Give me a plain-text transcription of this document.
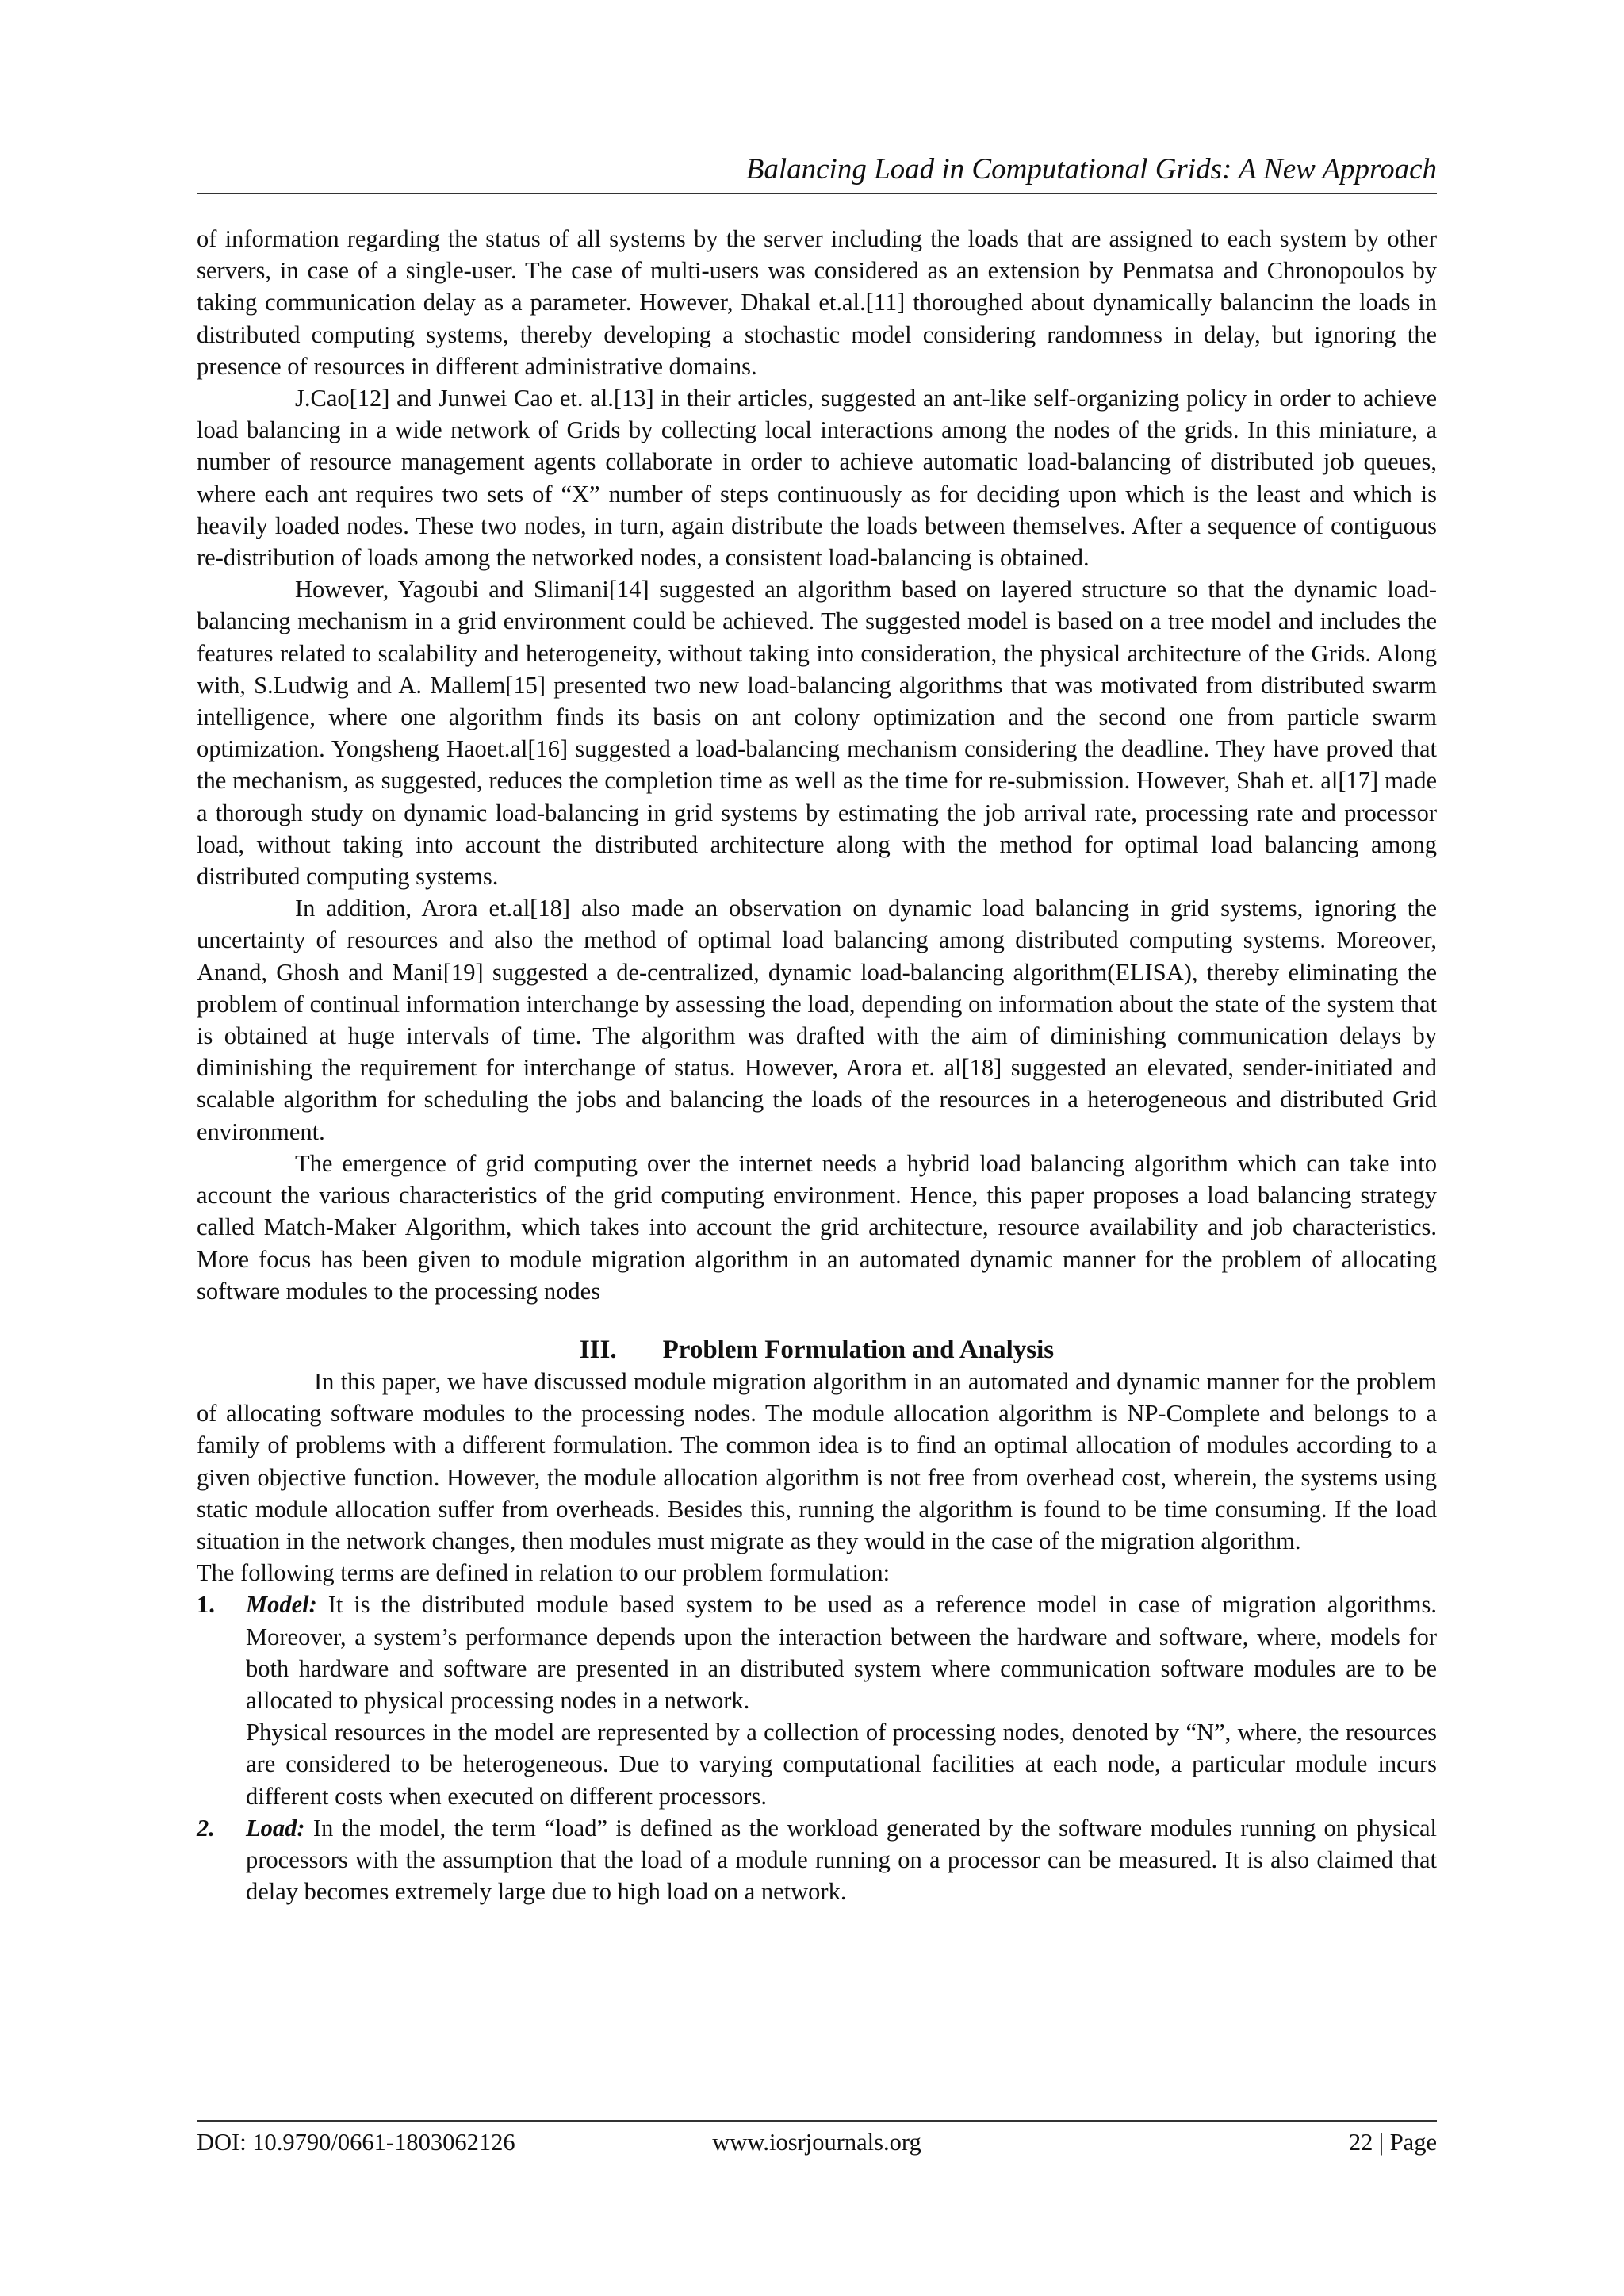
Balancing Load in Computational Grids: A New Approach

of information regarding the status of all systems by the server including the loads that are assigned to each system by other servers, in case of a single-user. The case of multi-users was considered as an extension by Penmatsa and Chronopoulos by taking communication delay as a parameter. However, Dhakal et.al.[11] thoroughed about dynamically balancinn the loads in distributed computing systems, thereby developing a stochastic model considering randomness in delay, but ignoring the presence of resources in different administrative domains.

J.Cao[12] and Junwei Cao et. al.[13] in their articles, suggested an ant-like self-organizing policy in order to achieve load balancing in a wide network of Grids by collecting local interactions among the nodes of the grids. In this miniature, a number of resource management agents collaborate in order to achieve automatic load-balancing of distributed job queues, where each ant requires two sets of “X” number of steps continuously as for deciding upon which is the least and which is heavily loaded nodes. These two nodes, in turn, again distribute the loads between themselves. After a sequence of contiguous re-distribution of loads among the networked nodes, a consistent load-balancing is obtained.

However, Yagoubi and Slimani[14] suggested an algorithm based on layered structure so that the dynamic load-balancing mechanism in a grid environment could be achieved. The suggested model is based on a tree model and includes the features related to scalability and heterogeneity, without taking into consideration, the physical architecture of the Grids. Along with, S.Ludwig and A. Mallem[15] presented two new load-balancing algorithms that was motivated from distributed swarm intelligence, where one algorithm finds its basis on ant colony optimization and the second one from particle swarm optimization. Yongsheng Haoet.al[16] suggested a load-balancing mechanism considering the deadline. They have proved that the mechanism, as suggested, reduces the completion time as well as the time for re-submission. However, Shah et. al[17] made a thorough study on dynamic load-balancing in grid systems by estimating the job arrival rate, processing rate and processor load, without taking into account the distributed architecture along with the method for optimal load balancing among distributed computing systems.

In addition, Arora et.al[18] also made an observation on dynamic load balancing in grid systems, ignoring the uncertainty of resources and also the method of optimal load balancing among distributed computing systems. Moreover, Anand, Ghosh and Mani[19] suggested a de-centralized, dynamic load-balancing algorithm(ELISA), thereby eliminating the problem of continual information interchange by assessing the load, depending on information about the state of the system that is obtained at huge intervals of time. The algorithm was drafted with the aim of diminishing communication delays by diminishing the requirement for interchange of status. However, Arora et. al[18] suggested an elevated, sender-initiated and scalable algorithm for scheduling the jobs and balancing the loads of the resources in a heterogeneous and distributed Grid environment.

The emergence of grid computing over the internet needs a hybrid load balancing algorithm which can take into account the various characteristics of the grid computing environment. Hence, this paper proposes a load balancing strategy called Match-Maker Algorithm, which takes into account the grid architecture, resource availability and job characteristics. More focus has been given to module migration algorithm in an automated dynamic manner for the problem of allocating software modules to the processing nodes

III. Problem Formulation and Analysis

In this paper, we have discussed module migration algorithm in an automated and dynamic manner for the problem of allocating software modules to the processing nodes. The module allocation algorithm is NP-Complete and belongs to a family of problems with a different formulation. The common idea is to find an optimal allocation of modules according to a given objective function. However, the module allocation algorithm is not free from overhead cost, wherein, the systems using static module allocation suffer from overheads. Besides this, running the algorithm is found to be time consuming. If the load situation in the network changes, then modules must migrate as they would in the case of the migration algorithm.

The following terms are defined in relation to our problem formulation:

1. Model: It is the distributed module based system to be used as a reference model in case of migration algorithms. Moreover, a system’s performance depends upon the interaction between the hardware and software, where, models for both hardware and software are presented in an distributed system where communication software modules are to be allocated to physical processing nodes in a network.

Physical resources in the model are represented by a collection of processing nodes, denoted by “N”, where, the resources are considered to be heterogeneous. Due to varying computational facilities at each node, a particular module incurs different costs when executed on different processors.

2. Load: In the model, the term “load” is defined as the workload generated by the software modules running on physical processors with the assumption that the load of a module running on a processor can be measured. It is also claimed that delay becomes extremely large due to high load on a network.
DOI: 10.9790/0661-1803062126	www.iosrjournals.org	22 | Page
